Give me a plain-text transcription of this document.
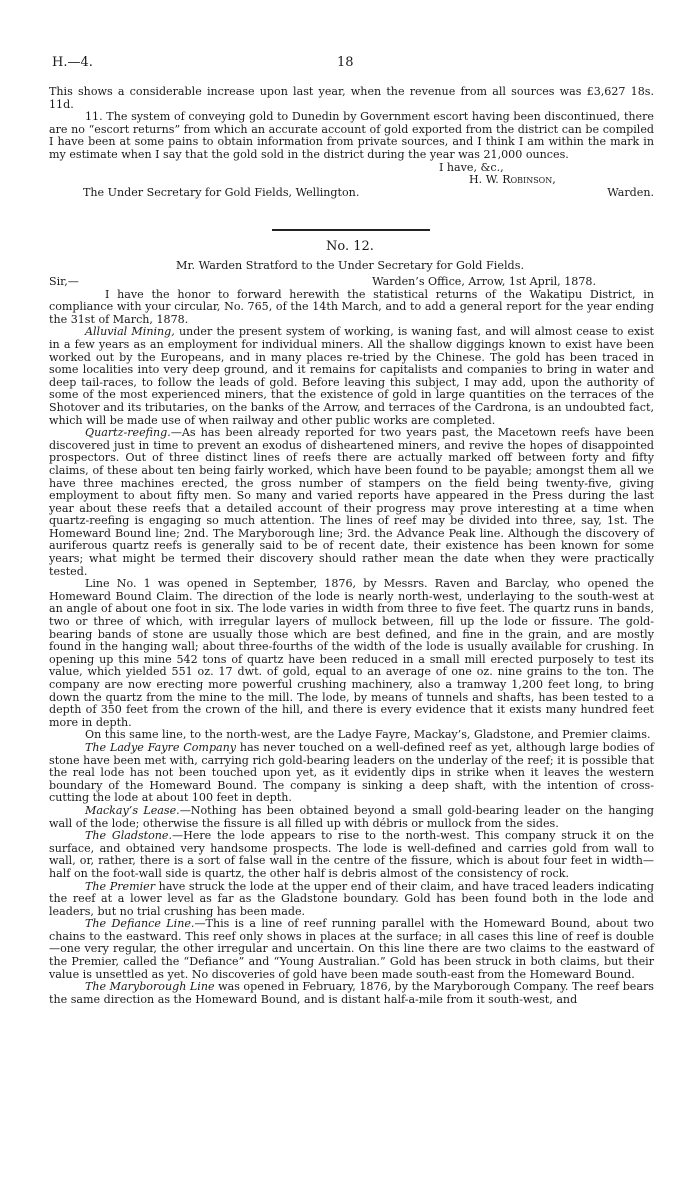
H.—4.	18

This shows a considerable increase upon last year, when the revenue from all sources was £3,627 18s. 11d.

11. The system of conveying gold to Dunedin by Government escort having been discontinued, there are no “escort returns” from which an accurate account of gold exported from the district can be compiled I have been at some pains to obtain information from private sources, and I think I am within the mark in my estimate when I say that the gold sold in the district during the year was 21,000 ounces.

I have, &c.,

H. W. Robinson,

The Under Secretary for Gold Fields, Wellington.	Warden.
No. 12.
Mr. Warden Stratford to the Under Secretary for Gold Fields.
Sir,—	Warden’s Office, Arrow, 1st April, 1878.

I have the honor to forward herewith the statistical returns of the Wakatipu District, in compliance with your circular, No. 765, of the 14th March, and to add a general report for the year ending the 31st of March, 1878.

Alluvial Mining, under the present system of working, is waning fast, and will almost cease to exist in a few years as an employment for individual miners. All the shallow diggings known to exist have been worked out by the Europeans, and in many places re-tried by the Chinese. The gold has been traced in some localities into very deep ground, and it remains for capitalists and companies to bring in water and deep tail-races, to follow the leads of gold. Before leaving this subject, I may add, upon the authority of some of the most experienced miners, that the existence of gold in large quantities on the terraces of the Shotover and its tributaries, on the banks of the Arrow, and terraces of the Cardrona, is an undoubted fact, which will be made use of when railway and other public works are completed.

Quartz-reefing.—As has been already reported for two years past, the Macetown reefs have been discovered just in time to prevent an exodus of disheartened miners, and revive the hopes of disappointed prospectors. Out of three distinct lines of reefs there are actually marked off between forty and fifty claims, of these about ten being fairly worked, which have been found to be payable; amongst them all we have three machines erected, the gross number of stampers on the field being twenty-five, giving employment to about fifty men. So many and varied reports have appeared in the Press during the last year about these reefs that a detailed account of their progress may prove interesting at a time when quartz-reefing is engaging so much attention. The lines of reef may be divided into three, say, 1st. The Homeward Bound line; 2nd. The Maryborough line; 3rd. the Advance Peak line. Although the discovery of auriferous quartz reefs is generally said to be of recent date, their existence has been known for some years; what might be termed their discovery should rather mean the date when they were practically tested.

Line No. 1 was opened in September, 1876, by Messrs. Raven and Barclay, who opened the Homeward Bound Claim. The direction of the lode is nearly north-west, underlaying to the south-west at an angle of about one foot in six. The lode varies in width from three to five feet. The quartz runs in bands, two or three of which, with irregular layers of mullock between, fill up the lode or fissure. The gold-bearing bands of stone are usually those which are best defined, and fine in the grain, and are mostly found in the hanging wall; about three-fourths of the width of the lode is usually available for crushing. In opening up this mine 542 tons of quartz have been reduced in a small mill erected purposely to test its value, which yielded 551 oz. 17 dwt. of gold, equal to an average of one oz. nine grains to the ton. The company are now erecting more powerful crushing machinery, also a tramway 1,200 feet long, to bring down the quartz from the mine to the mill. The lode, by means of tunnels and shafts, has been tested to a depth of 350 feet from the crown of the hill, and there is every evidence that it exists many hundred feet more in depth.

On this same line, to the north-west, are the Ladye Fayre, Mackay’s, Gladstone, and Premier claims.

The Ladye Fayre Company has never touched on a well-defined reef as yet, although large bodies of stone have been met with, carrying rich gold-bearing leaders on the underlay of the reef; it is possible that the real lode has not been touched upon yet, as it evidently dips in strike when it leaves the western boundary of the Homeward Bound. The company is sinking a deep shaft, with the intention of cross-cutting the lode at about 100 feet in depth.

Mackay’s Lease.—Nothing has been obtained beyond a small gold-bearing leader on the hanging wall of the lode; otherwise the fissure is all filled up with débris or mullock from the sides.

The Gladstone.—Here the lode appears to rise to the north-west. This company struck it on the surface, and obtained very handsome prospects. The lode is well-defined and carries gold from wall to wall, or, rather, there is a sort of false wall in the centre of the fissure, which is about four feet in width—half on the foot-wall side is quartz, the other half is debris almost of the consistency of rock.

The Premier have struck the lode at the upper end of their claim, and have traced leaders indicating the reef at a lower level as far as the Gladstone boundary. Gold has been found both in the lode and leaders, but no trial crushing has been made.

The Defiance Line.—This is a line of reef running parallel with the Homeward Bound, about two chains to the eastward. This reef only shows in places at the surface; in all cases this line of reef is double—one very regular, the other irregular and uncertain. On this line there are two claims to the eastward of the Premier, called the “Defiance” and “Young Australian.” Gold has been struck in both claims, but their value is unsettled as yet. No discoveries of gold have been made south-east from the Homeward Bound.

The Maryborough Line was opened in February, 1876, by the Maryborough Company. The reef bears the same direction as the Homeward Bound, and is distant half-a-mile from it south-west, and
